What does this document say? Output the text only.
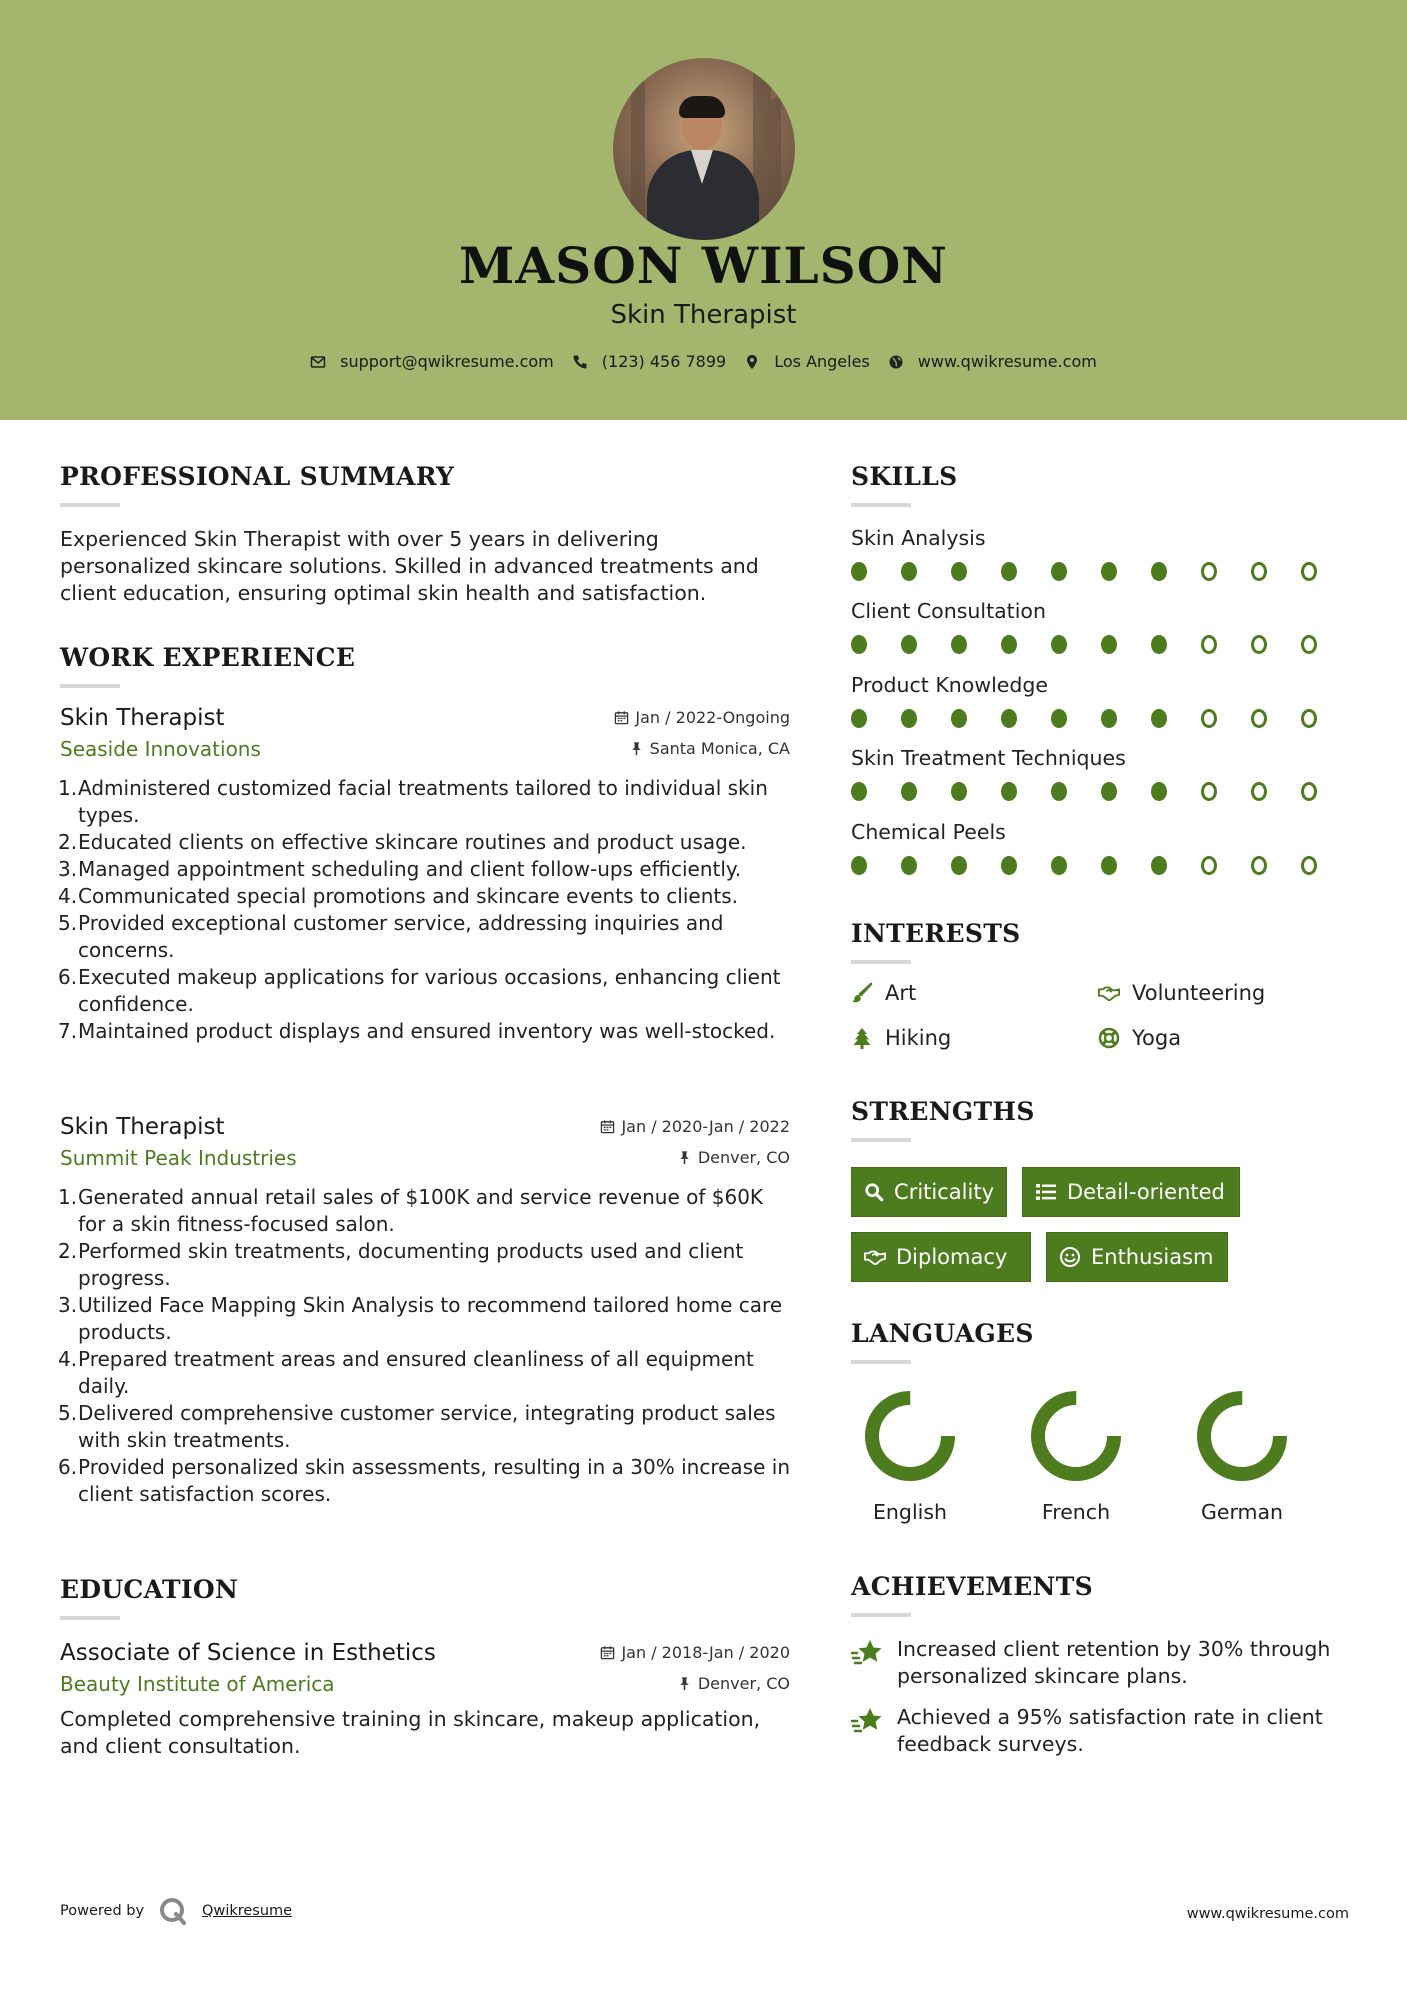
MASON WILSON
Skin Therapist
support@qwikresume.com	(123) 456 7899	Los Angeles	www.qwikresume.com
PROFESSIONAL SUMMARY
Experienced Skin Therapist with over 5 years in delivering personalized skincare solutions. Skilled in advanced treatments and client education, ensuring optimal skin health and satisfaction.
WORK EXPERIENCE
Skin Therapist	Jan / 2022-Ongoing
Seaside Innovations	Santa Monica, CA
Administered customized facial treatments tailored to individual skin types.
Educated clients on effective skincare routines and product usage.
Managed appointment scheduling and client follow-ups efficiently.
Communicated special promotions and skincare events to clients.
Provided exceptional customer service, addressing inquiries and concerns.
Executed makeup applications for various occasions, enhancing client confidence.
Maintained product displays and ensured inventory was well-stocked.
Skin Therapist	Jan / 2020-Jan / 2022
Summit Peak Industries	Denver, CO
Generated annual retail sales of $100K and service revenue of $60K for a skin fitness-focused salon.
Performed skin treatments, documenting products used and client progress.
Utilized Face Mapping Skin Analysis to recommend tailored home care products.
Prepared treatment areas and ensured cleanliness of all equipment daily.
Delivered comprehensive customer service, integrating product sales with skin treatments.
Provided personalized skin assessments, resulting in a 30% increase in client satisfaction scores.
EDUCATION
Associate of Science in Esthetics	Jan / 2018-Jan / 2020
Beauty Institute of America	Denver, CO
Completed comprehensive training in skincare, makeup application, and client consultation.
SKILLS
Skin Analysis
Client Consultation
Product Knowledge
Skin Treatment Techniques
Chemical Peels
INTERESTS
Art	Volunteering
Hiking	Yoga
STRENGTHS
Criticality	Detail-oriented
Diplomacy	Enthusiasm
LANGUAGES
English	French	German
ACHIEVEMENTS
Increased client retention by 30% through personalized skincare plans.
Achieved a 95% satisfaction rate in client feedback surveys.
Powered by	Qwikresume	www.qwikresume.com
